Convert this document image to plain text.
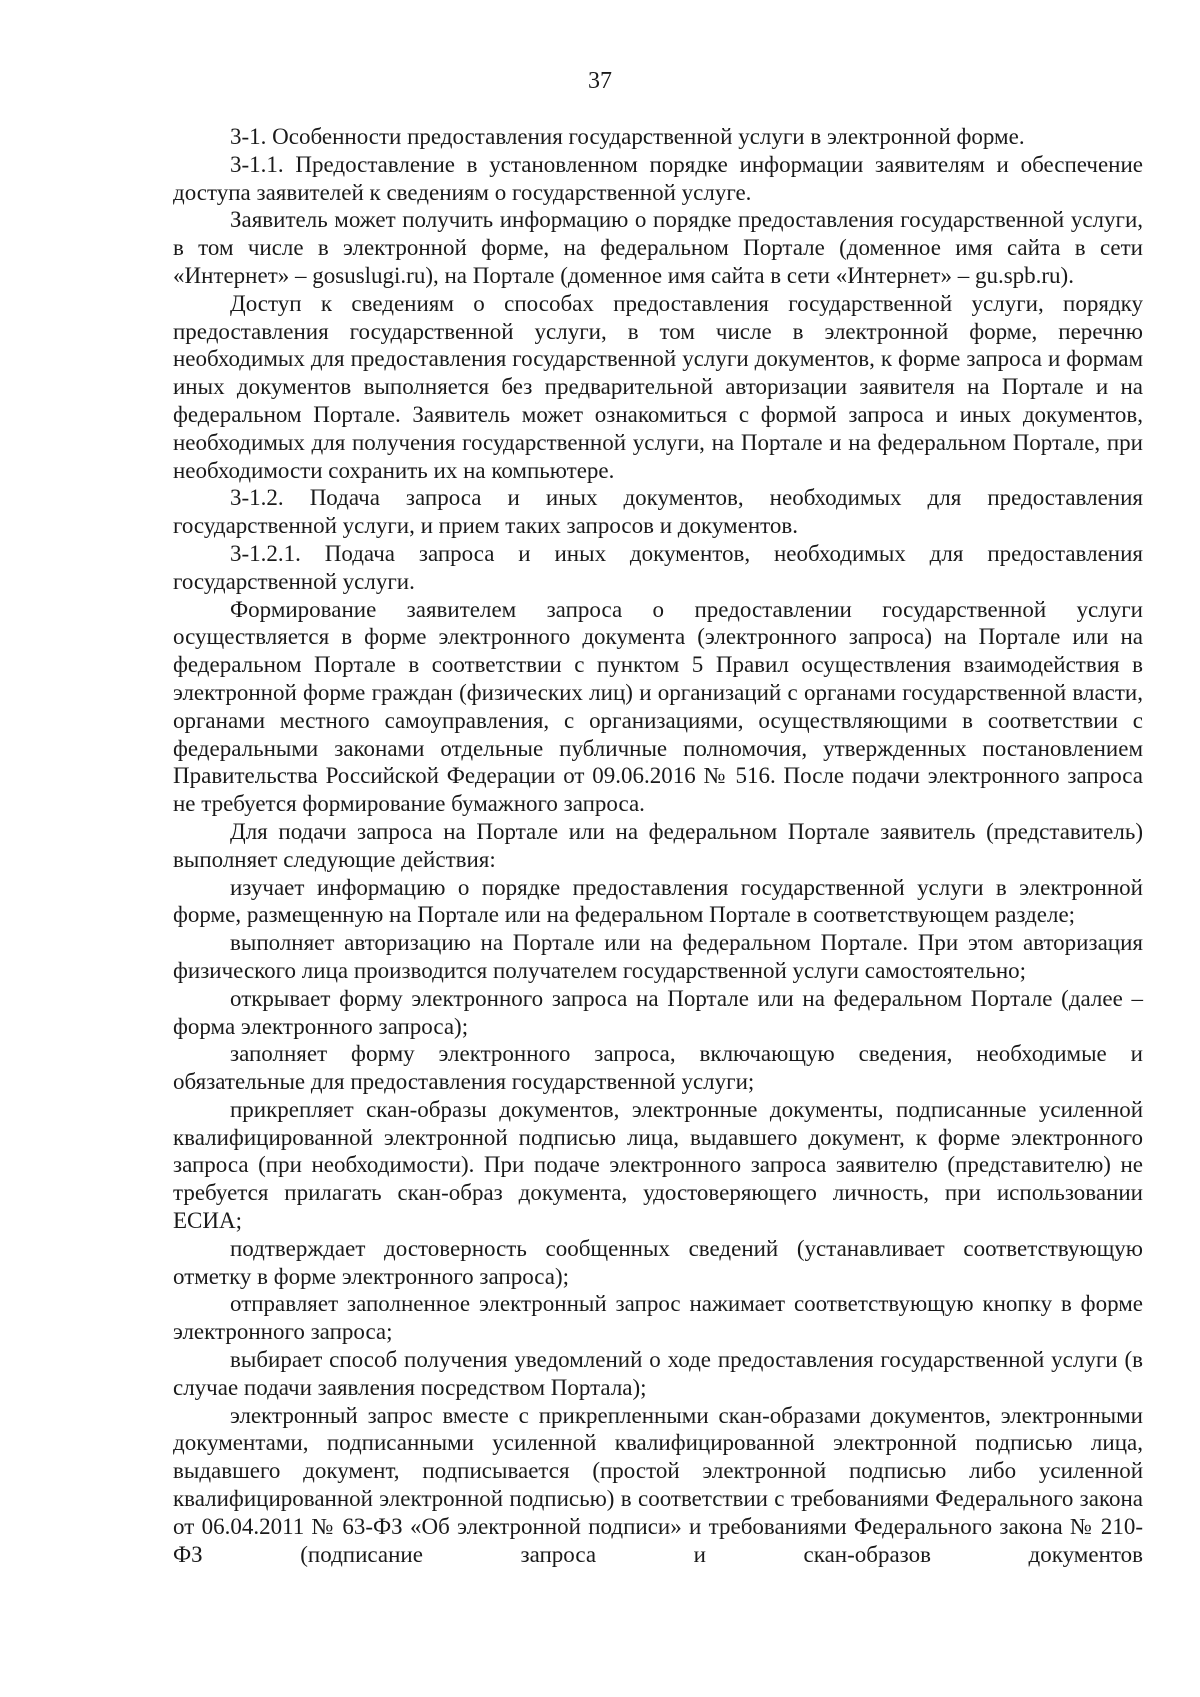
37

3-1. Особенности предоставления государственной услуги в электронной форме.

3-1.1. Предоставление в установленном порядке информации заявителям и обеспечение доступа заявителей к сведениям о государственной услуге.

Заявитель может получить информацию о порядке предоставления государственной услуги, в том числе в электронной форме, на федеральном Портале (доменное имя сайта в сети «Интернет» – gosuslugi.ru), на Портале (доменное имя сайта в сети «Интернет» – gu.spb.ru).

Доступ к сведениям о способах предоставления государственной услуги, порядку предоставления государственной услуги, в том числе в электронной форме, перечню необходимых для предоставления государственной услуги документов, к форме запроса и формам иных документов выполняется без предварительной авторизации заявителя на Портале и на федеральном Портале. Заявитель может ознакомиться с формой запроса и иных документов, необходимых для получения государственной услуги, на Портале и на федеральном Портале, при необходимости сохранить их на компьютере.

3-1.2. Подача запроса и иных документов, необходимых для предоставления государственной услуги, и прием таких запросов и документов.

3-1.2.1. Подача запроса и иных документов, необходимых для предоставления государственной услуги.

Формирование заявителем запроса о предоставлении государственной услуги осуществляется в форме электронного документа (электронного запроса) на Портале или на федеральном Портале в соответствии с пунктом 5 Правил осуществления взаимодействия в электронной форме граждан (физических лиц) и организаций с органами государственной власти, органами местного самоуправления, с организациями, осуществляющими в соответствии с федеральными законами отдельные публичные полномочия, утвержденных постановлением Правительства Российской Федерации от 09.06.2016 № 516. После подачи электронного запроса не требуется формирование бумажного запроса.

Для подачи запроса на Портале или на федеральном Портале заявитель (представитель) выполняет следующие действия:

изучает информацию о порядке предоставления государственной услуги в электронной форме, размещенную на Портале или на федеральном Портале в соответствующем разделе;

выполняет авторизацию на Портале или на федеральном Портале. При этом авторизация физического лица производится получателем государственной услуги самостоятельно;

открывает форму электронного запроса на Портале или на федеральном Портале (далее – форма электронного запроса);

заполняет форму электронного запроса, включающую сведения, необходимые и обязательные для предоставления государственной услуги;

прикрепляет скан-образы документов, электронные документы, подписанные усиленной квалифицированной электронной подписью лица, выдавшего документ, к форме электронного запроса (при необходимости). При подаче электронного запроса заявителю (представителю) не требуется прилагать скан-образ документа, удостоверяющего личность, при использовании ЕСИА;

подтверждает достоверность сообщенных сведений (устанавливает соответствующую отметку в форме электронного запроса);

отправляет заполненное электронный запрос нажимает соответствующую кнопку в форме электронного запроса;

выбирает способ получения уведомлений о ходе предоставления государственной услуги (в случае подачи заявления посредством Портала);

электронный запрос вместе с прикрепленными скан-образами документов, электронными документами, подписанными усиленной квалифицированной электронной подписью лица, выдавшего документ, подписывается (простой электронной подписью либо усиленной квалифицированной электронной подписью) в соответствии с требованиями Федерального закона от 06.04.2011 № 63-ФЗ «Об электронной подписи» и требованиями Федерального закона № 210-ФЗ (подписание запроса и скан-образов документов
